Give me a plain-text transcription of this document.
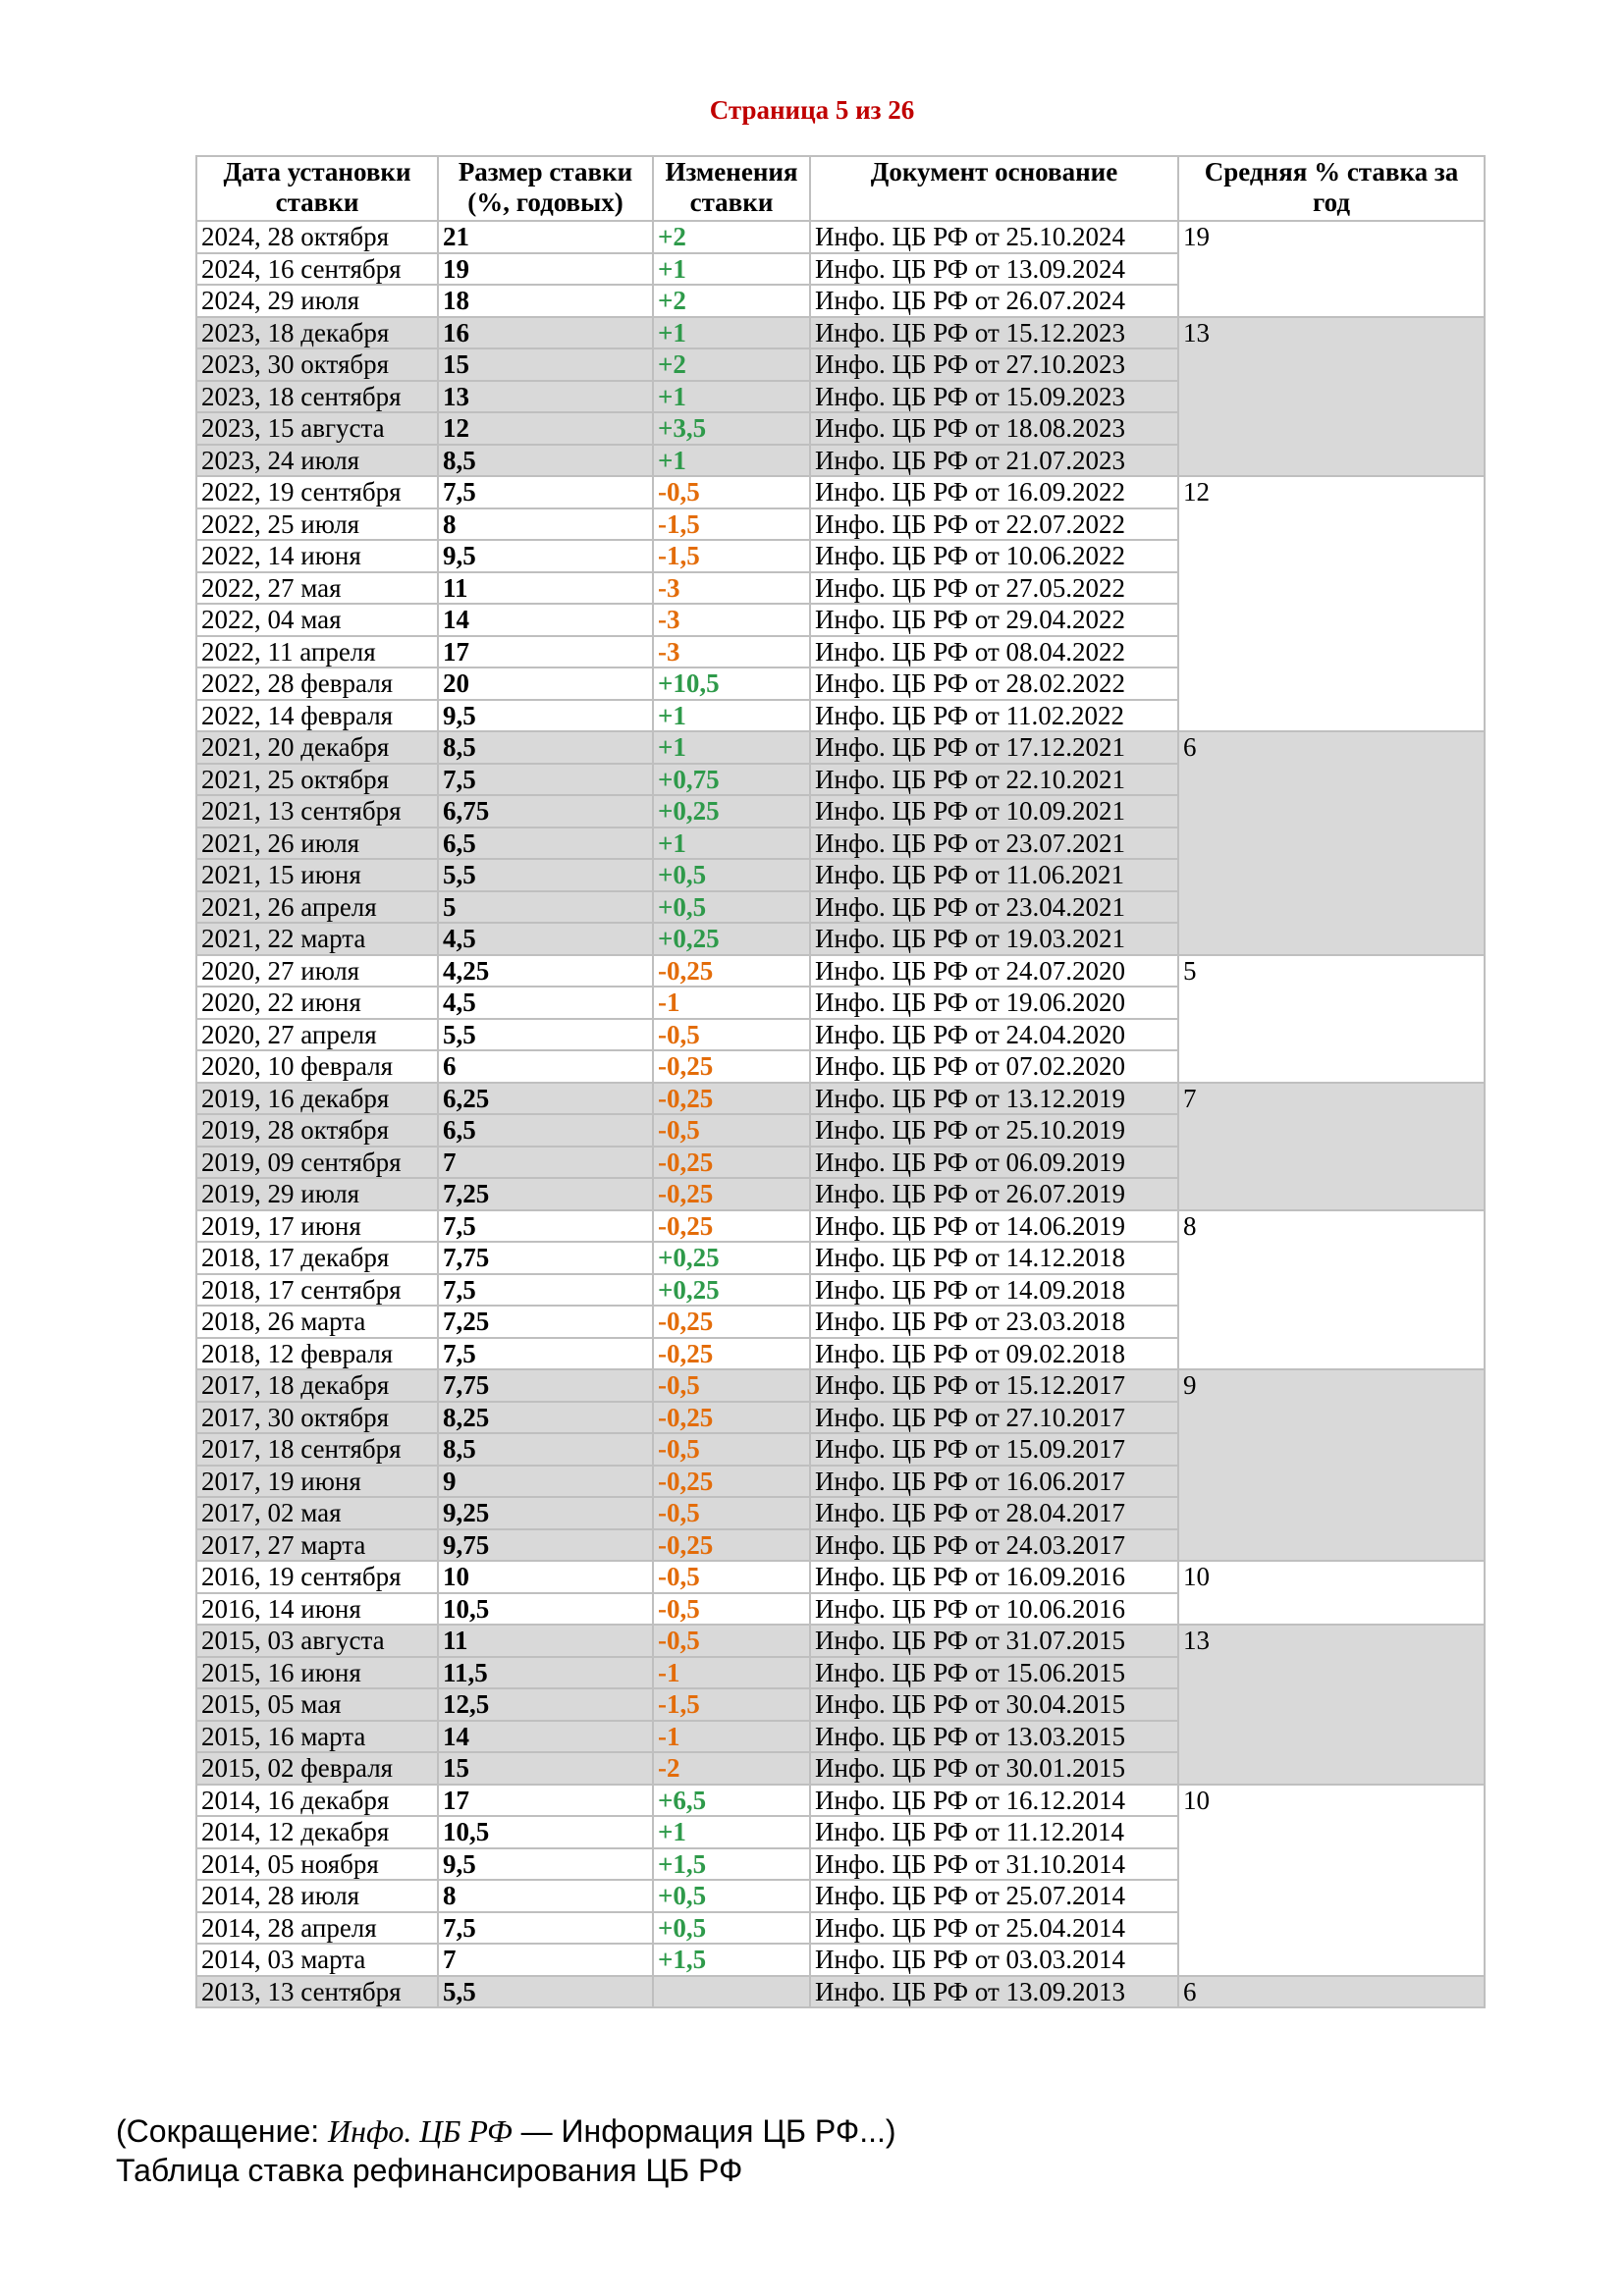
Страница 5 из 26
Дата установки ставки	Размер ставки (%, годовых)	Изменения ставки	Документ основание	Средняя % ставка за год
2024, 28 октября	21	+2	Инфо. ЦБ РФ от 25.10.2024	19
2024, 16 сентября	19	+1	Инфо. ЦБ РФ от 13.09.2024	
2024, 29 июля	18	+2	Инфо. ЦБ РФ от 26.07.2024	
2023, 18 декабря	16	+1	Инфо. ЦБ РФ от 15.12.2023	13
2023, 30 октября	15	+2	Инфо. ЦБ РФ от 27.10.2023	
2023, 18 сентября	13	+1	Инфо. ЦБ РФ от 15.09.2023	
2023, 15 августа	12	+3,5	Инфо. ЦБ РФ от 18.08.2023	
2023, 24 июля	8,5	+1	Инфо. ЦБ РФ от 21.07.2023	
2022, 19 сентября	7,5	-0,5	Инфо. ЦБ РФ от 16.09.2022	12
2022, 25 июля	8	-1,5	Инфо. ЦБ РФ от 22.07.2022	
2022, 14 июня	9,5	-1,5	Инфо. ЦБ РФ от 10.06.2022	
2022, 27 мая	11	-3	Инфо. ЦБ РФ от 27.05.2022	
2022, 04 мая	14	-3	Инфо. ЦБ РФ от 29.04.2022	
2022, 11 апреля	17	-3	Инфо. ЦБ РФ от 08.04.2022	
2022, 28 февраля	20	+10,5	Инфо. ЦБ РФ от 28.02.2022	
2022, 14 февраля	9,5	+1	Инфо. ЦБ РФ от 11.02.2022	
2021, 20 декабря	8,5	+1	Инфо. ЦБ РФ от 17.12.2021	6
2021, 25 октября	7,5	+0,75	Инфо. ЦБ РФ от 22.10.2021	
2021, 13 сентября	6,75	+0,25	Инфо. ЦБ РФ от 10.09.2021	
2021, 26 июля	6,5	+1	Инфо. ЦБ РФ от 23.07.2021	
2021, 15 июня	5,5	+0,5	Инфо. ЦБ РФ от 11.06.2021	
2021, 26 апреля	5	+0,5	Инфо. ЦБ РФ от 23.04.2021	
2021, 22 марта	4,5	+0,25	Инфо. ЦБ РФ от 19.03.2021	
2020, 27 июля	4,25	-0,25	Инфо. ЦБ РФ от 24.07.2020	5
2020, 22 июня	4,5	-1	Инфо. ЦБ РФ от 19.06.2020	
2020, 27 апреля	5,5	-0,5	Инфо. ЦБ РФ от 24.04.2020	
2020, 10 февраля	6	-0,25	Инфо. ЦБ РФ от 07.02.2020	
2019, 16 декабря	6,25	-0,25	Инфо. ЦБ РФ от 13.12.2019	7
2019, 28 октября	6,5	-0,5	Инфо. ЦБ РФ от 25.10.2019	
2019, 09 сентября	7	-0,25	Инфо. ЦБ РФ от 06.09.2019	
2019, 29 июля	7,25	-0,25	Инфо. ЦБ РФ от 26.07.2019	
2019, 17 июня	7,5	-0,25	Инфо. ЦБ РФ от 14.06.2019	8
2018, 17 декабря	7,75	+0,25	Инфо. ЦБ РФ от 14.12.2018	
2018, 17 сентября	7,5	+0,25	Инфо. ЦБ РФ от 14.09.2018	
2018, 26 марта	7,25	-0,25	Инфо. ЦБ РФ от 23.03.2018	
2018, 12 февраля	7,5	-0,25	Инфо. ЦБ РФ от 09.02.2018	
2017, 18 декабря	7,75	-0,5	Инфо. ЦБ РФ от 15.12.2017	9
2017, 30 октября	8,25	-0,25	Инфо. ЦБ РФ от 27.10.2017	
2017, 18 сентября	8,5	-0,5	Инфо. ЦБ РФ от 15.09.2017	
2017, 19 июня	9	-0,25	Инфо. ЦБ РФ от 16.06.2017	
2017, 02 мая	9,25	-0,5	Инфо. ЦБ РФ от 28.04.2017	
2017, 27 марта	9,75	-0,25	Инфо. ЦБ РФ от 24.03.2017	
2016, 19 сентября	10	-0,5	Инфо. ЦБ РФ от 16.09.2016	10
2016, 14 июня	10,5	-0,5	Инфо. ЦБ РФ от 10.06.2016	
2015, 03 августа	11	-0,5	Инфо. ЦБ РФ от 31.07.2015	13
2015, 16 июня	11,5	-1	Инфо. ЦБ РФ от 15.06.2015	
2015, 05 мая	12,5	-1,5	Инфо. ЦБ РФ от 30.04.2015	
2015, 16 марта	14	-1	Инфо. ЦБ РФ от 13.03.2015	
2015, 02 февраля	15	-2	Инфо. ЦБ РФ от 30.01.2015	
2014, 16 декабря	17	+6,5	Инфо. ЦБ РФ от 16.12.2014	10
2014, 12 декабря	10,5	+1	Инфо. ЦБ РФ от 11.12.2014	
2014, 05 ноября	9,5	+1,5	Инфо. ЦБ РФ от 31.10.2014	
2014, 28 июля	8	+0,5	Инфо. ЦБ РФ от 25.07.2014	
2014, 28 апреля	7,5	+0,5	Инфо. ЦБ РФ от 25.04.2014	
2014, 03 марта	7	+1,5	Инфо. ЦБ РФ от 03.03.2014	
2013, 13 сентября	5,5		Инфо. ЦБ РФ от 13.09.2013	6
(Сокращение: Инфо. ЦБ РФ — Информация ЦБ РФ...)
Таблица ставка рефинансирования ЦБ РФ
